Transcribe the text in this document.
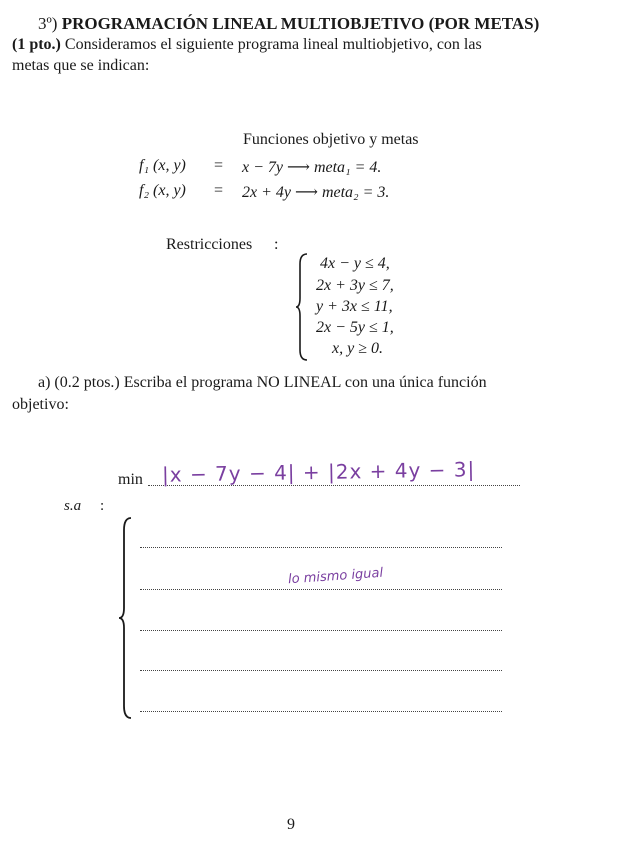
3º) PROGRAMACIÓN LINEAL MULTIOBJETIVO (POR METAS)
(1 pto.) Consideramos el siguiente programa lineal multiobjetivo, con las
metas que se indican:
Funciones objetivo y metas
f₁ (x, y) = x − 7y ⟶ meta₁ = 4.
f₂ (x, y) = 2x + 4y ⟶ meta₂ = 3.
Restricciones :
4x − y ≤ 4,
2x + 3y ≤ 7,
y + 3x ≤ 11,
2x − 5y ≤ 1,
x, y ≥ 0.
a) (0.2 ptos.) Escriba el programa NO LINEAL con una única función
objetivo:
min |x − 7y − 4| + |2x + 4y − 3|
s.a :
lo mismo igual
9
